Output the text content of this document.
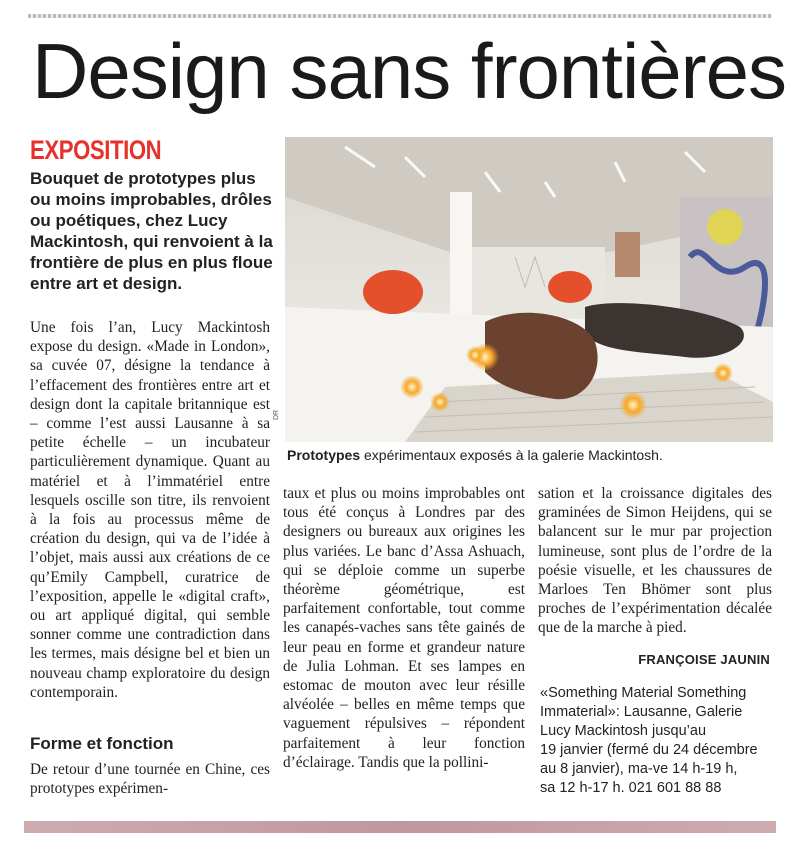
Design sans frontières
EXPOSITION
Bouquet de prototypes plus ou moins improbables, drôles ou poétiques, chez Lucy Mackintosh, qui renvoient à la frontière de plus en plus floue entre art et design.

Une fois l’an, Lucy Mackintosh expose du design. «Made in London», sa cuvée 07, désigne la tendance à l’effacement des frontières entre art et design dont la capitale britannique est – comme l’est aussi Lausanne à sa petite échelle – un incubateur particulièrement dynamique. Quant au matériel et à l’immatériel entre lesquels oscille son titre, ils renvoient à la fois au processus même de création du design, qui va de l’idée à l’objet, mais aussi aux créations de ce qu’Emily Campbell, curatrice de l’exposition, appelle le «digital craft», ou art appliqué digital, qui semble sonner comme une contradiction dans les termes, mais désigne bel et bien un nouveau champ exploratoire du design contemporain.

Forme et fonction

De retour d’une tournée en Chine, ces prototypes expérimen-

DR
Prototypes expérimentaux exposés à la galerie Mackintosh.

taux et plus ou moins improbables ont tous été conçus à Londres par des designers ou bureaux aux origines les plus variées. Le banc d’Assa Ashuach, qui se déploie comme un superbe théorème géométrique, est parfaitement confortable, tout comme les canapés-vaches sans tête gainés de leur peau en forme et grandeur nature de Julia Lohman. Et ses lampes en estomac de mouton avec leur résille alvéolée – belles en même temps que vaguement répulsives – répondent parfaitement à leur fonction d’éclairage. Tandis que la pollini-

sation et la croissance digitales des graminées de Simon Heijdens, qui se balancent sur le mur par projection lumineuse, sont plus de l’ordre de la poésie visuelle, et les chaussures de Marloes Ten Bhömer sont plus proches de l’expérimentation décalée que de la marche à pied.

FRANÇOISE JAUNIN

«Something Material Something

Immaterial»: Lausanne, Galerie

Lucy Mackintosh jusqu’au

19 janvier (fermé du 24 décembre

au 8 janvier), ma-ve 14 h-19 h,

sa 12 h-17 h. 021 601 88 88
